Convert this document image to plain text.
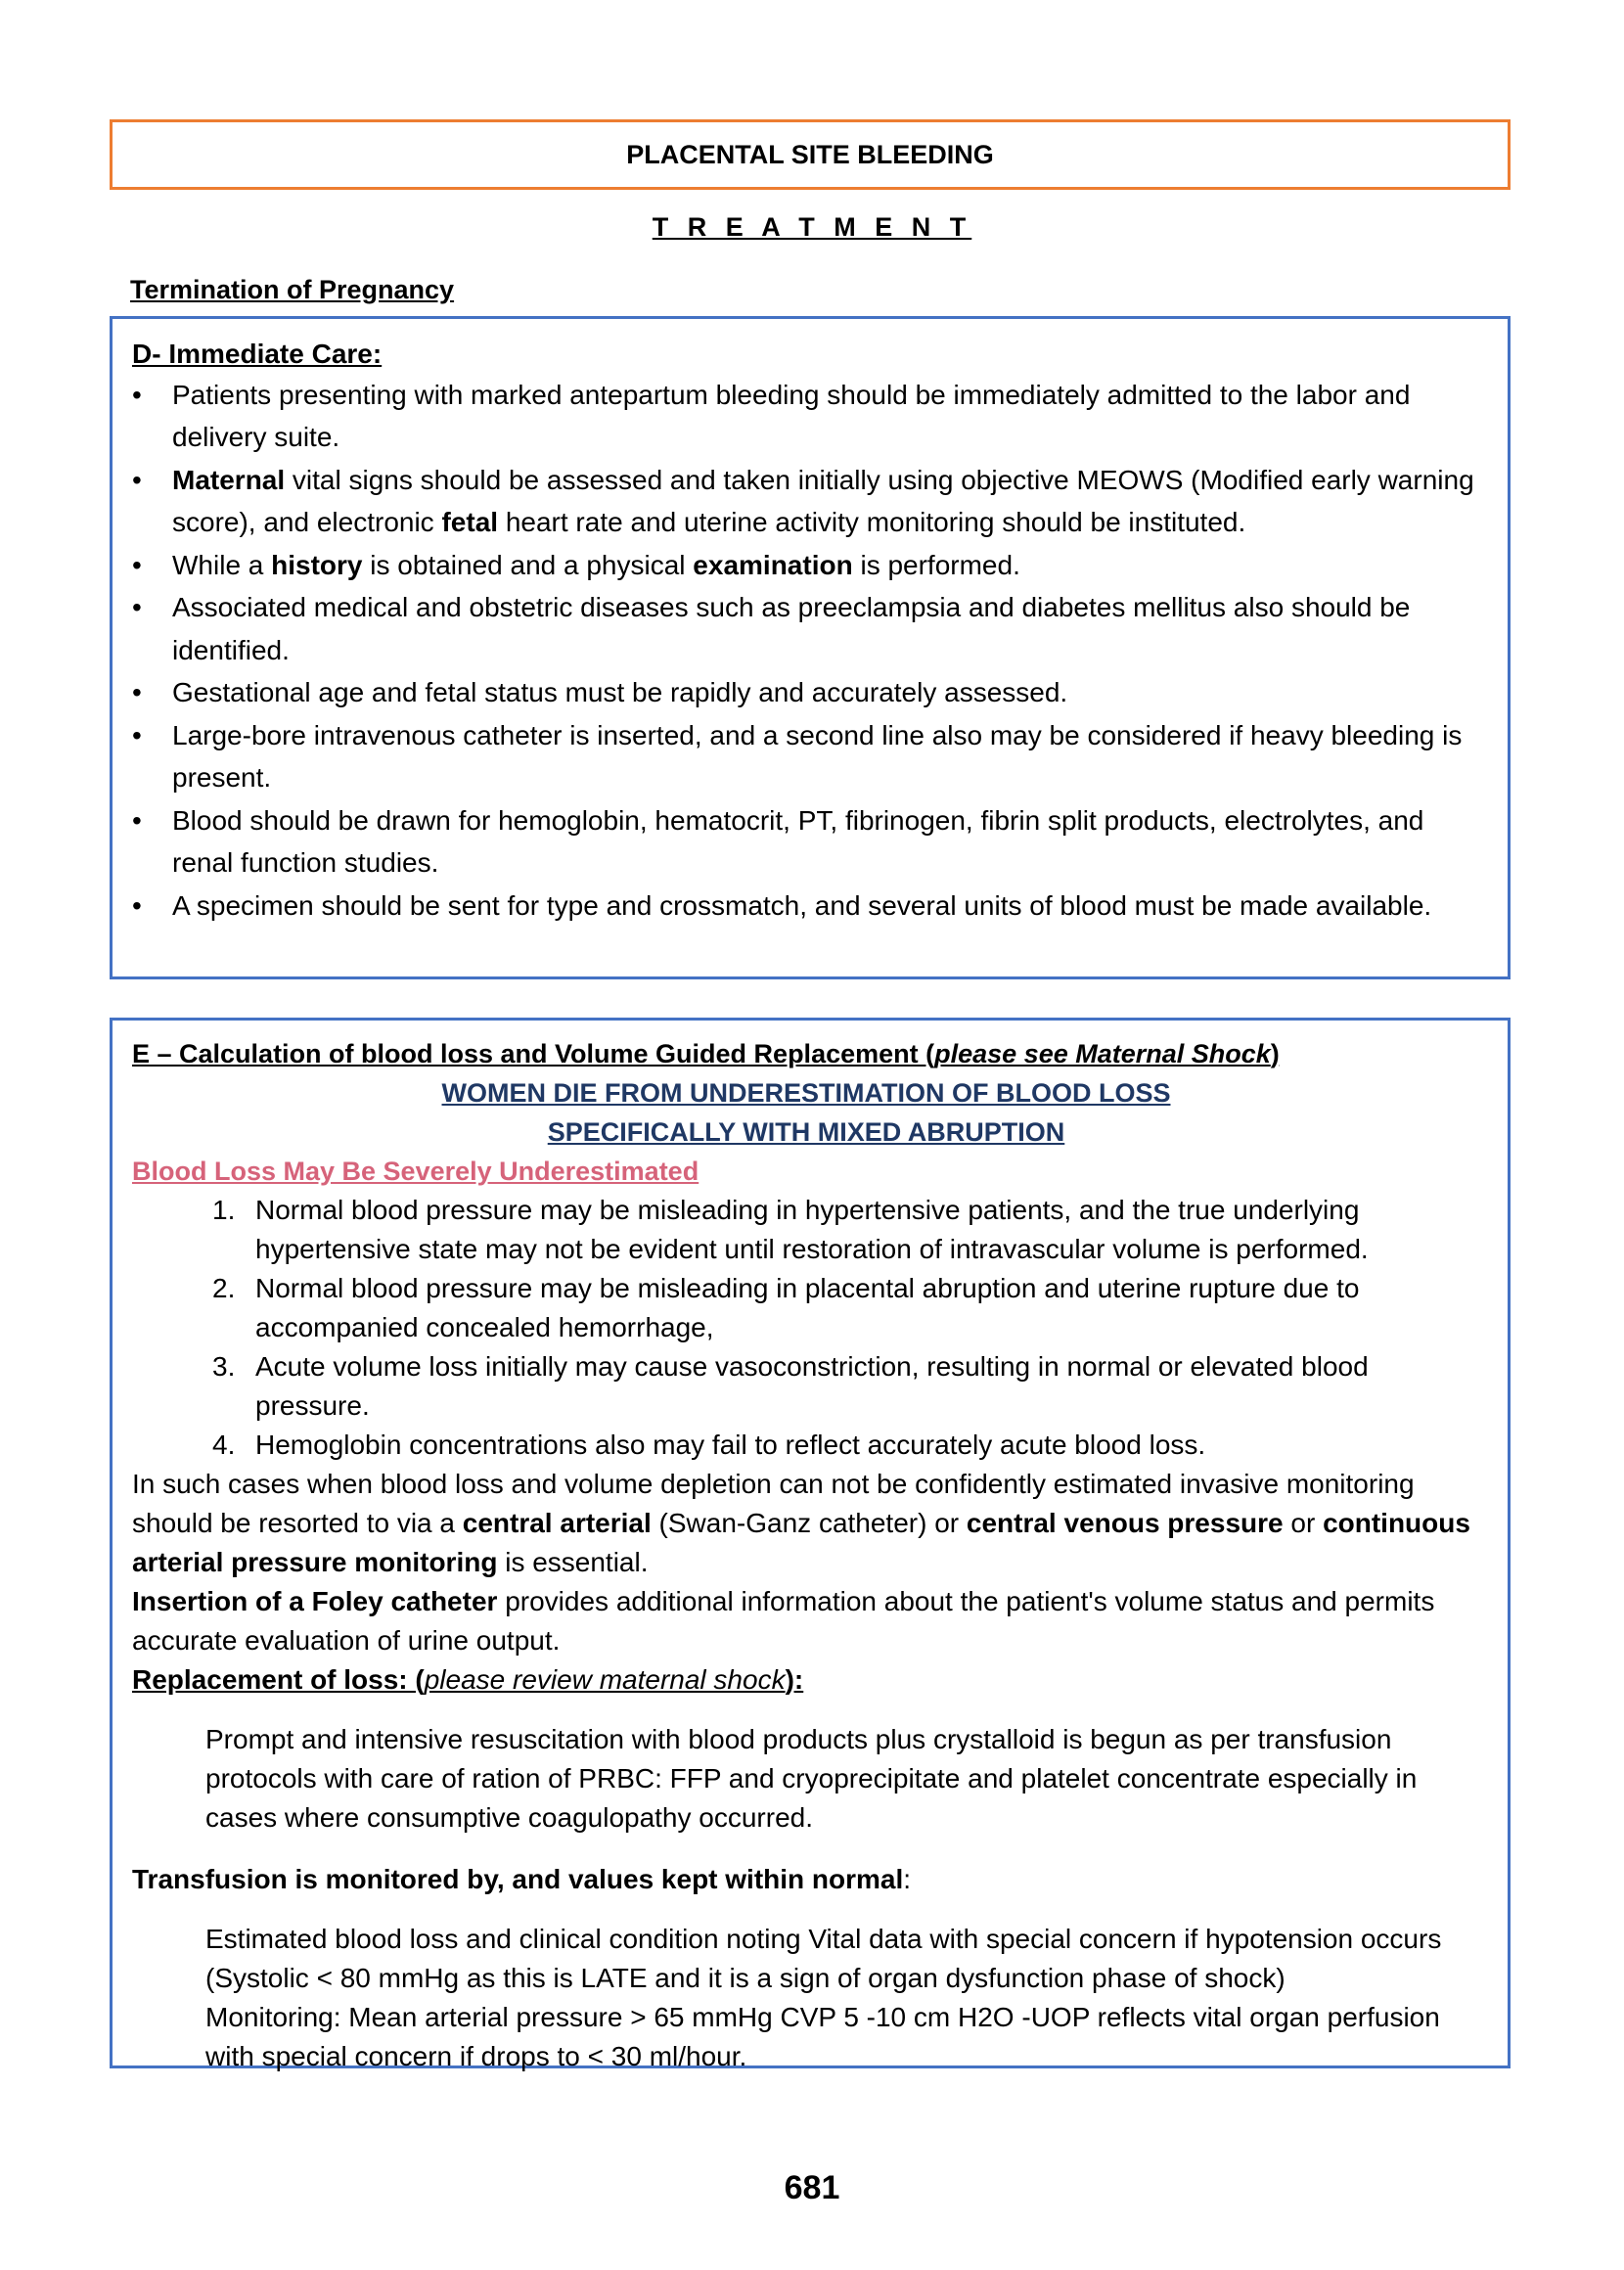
PLACENTAL SITE BLEEDING
T R E A T M E N T
Termination of Pregnancy
D- Immediate Care:
• Patients presenting with marked antepartum bleeding should be immediately admitted to the labor and delivery suite.
• Maternal vital signs should be assessed and taken initially using objective MEOWS (Modified early warning score), and electronic fetal heart rate and uterine activity monitoring should be instituted.
• While a history is obtained and a physical examination is performed.
• Associated medical and obstetric diseases such as preeclampsia and diabetes mellitus also should be identified.
• Gestational age and fetal status must be rapidly and accurately assessed.
• Large-bore intravenous catheter is inserted, and a second line also may be considered if heavy bleeding is present.
• Blood should be drawn for hemoglobin, hematocrit, PT, fibrinogen, fibrin split products, electrolytes, and renal function studies.
• A specimen should be sent for type and crossmatch, and several units of blood must be made available.
E – Calculation of blood loss and Volume Guided Replacement (please see Maternal Shock)
WOMEN DIE FROM UNDERESTIMATION OF BLOOD LOSS
SPECIFICALLY WITH MIXED ABRUPTION
Blood Loss May Be Severely Underestimated
1. Normal blood pressure may be misleading in hypertensive patients, and the true underlying hypertensive state may not be evident until restoration of intravascular volume is performed.
2. Normal blood pressure may be misleading in placental abruption and uterine rupture due to accompanied concealed hemorrhage,
3. Acute volume loss initially may cause vasoconstriction, resulting in normal or elevated blood pressure.
4. Hemoglobin concentrations also may fail to reflect accurately acute blood loss.
In such cases when blood loss and volume depletion can not be confidently estimated invasive monitoring should be resorted to via a central arterial (Swan-Ganz catheter) or central venous pressure or continuous arterial pressure monitoring is essential.
Insertion of a Foley catheter provides additional information about the patient's volume status and permits accurate evaluation of urine output.
Replacement of loss: (please review maternal shock):
Prompt and intensive resuscitation with blood products plus crystalloid is begun as per transfusion protocols with care of ration of PRBC: FFP and cryoprecipitate and platelet concentrate especially in cases where consumptive coagulopathy occurred.
Transfusion is monitored by, and values kept within normal:
Estimated blood loss and clinical condition noting Vital data with special concern if hypotension occurs (Systolic < 80 mmHg as this is LATE and it is a sign of organ dysfunction phase of shock)
Monitoring: Mean arterial pressure > 65 mmHg CVP 5 -10 cm H2O -UOP reflects vital organ perfusion with special concern if drops to < 30 ml/hour.
681
